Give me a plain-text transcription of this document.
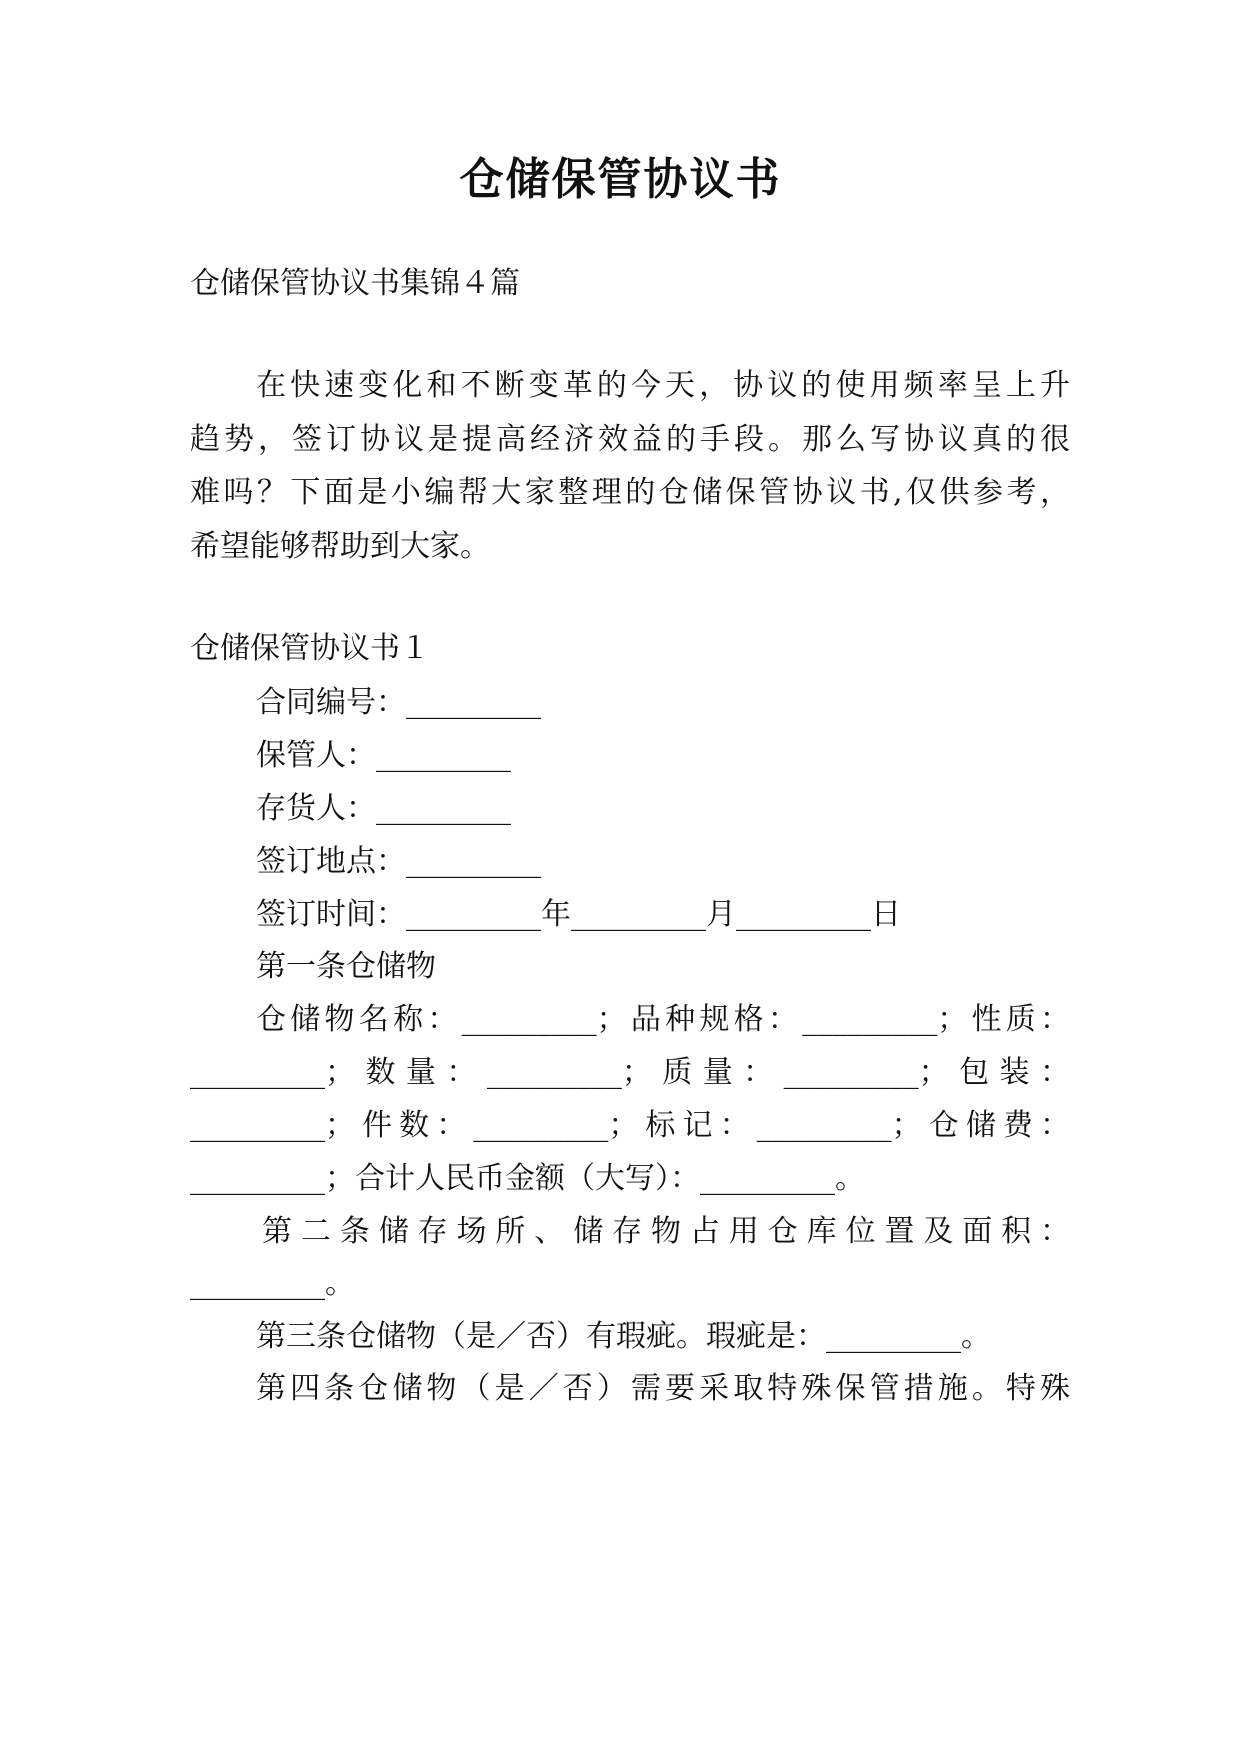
仓储保管协议书
仓储保管协议书集锦４篇
在快速变化和不断变革的今天，协议的使用频率呈上升
趋势，签订协议是提高经济效益的手段。那么写协议真的很
难吗？下面是小编帮大家整理的仓储保管协议书,仅供参考，
希望能够帮助到大家。
仓储保管协议书１
合同编号：_________
保管人：_________
存货人：_________
签订地点：_________
签订时间：_________年_________月_________日
第一条仓储物
仓储物名称：_________；品种规格：_________；性质：
_________；数量：_________；质量：_________；包装：
_________；件数：_________；标记：_________；仓储费：
_________；合计人民币金额（大写）：_________。
第二条储存场所、储存物占用仓库位置及面积：
_________。
第三条仓储物（是／否）有瑕疵。瑕疵是：_________。
第四条仓储物（是／否）需要采取特殊保管措施。特殊
